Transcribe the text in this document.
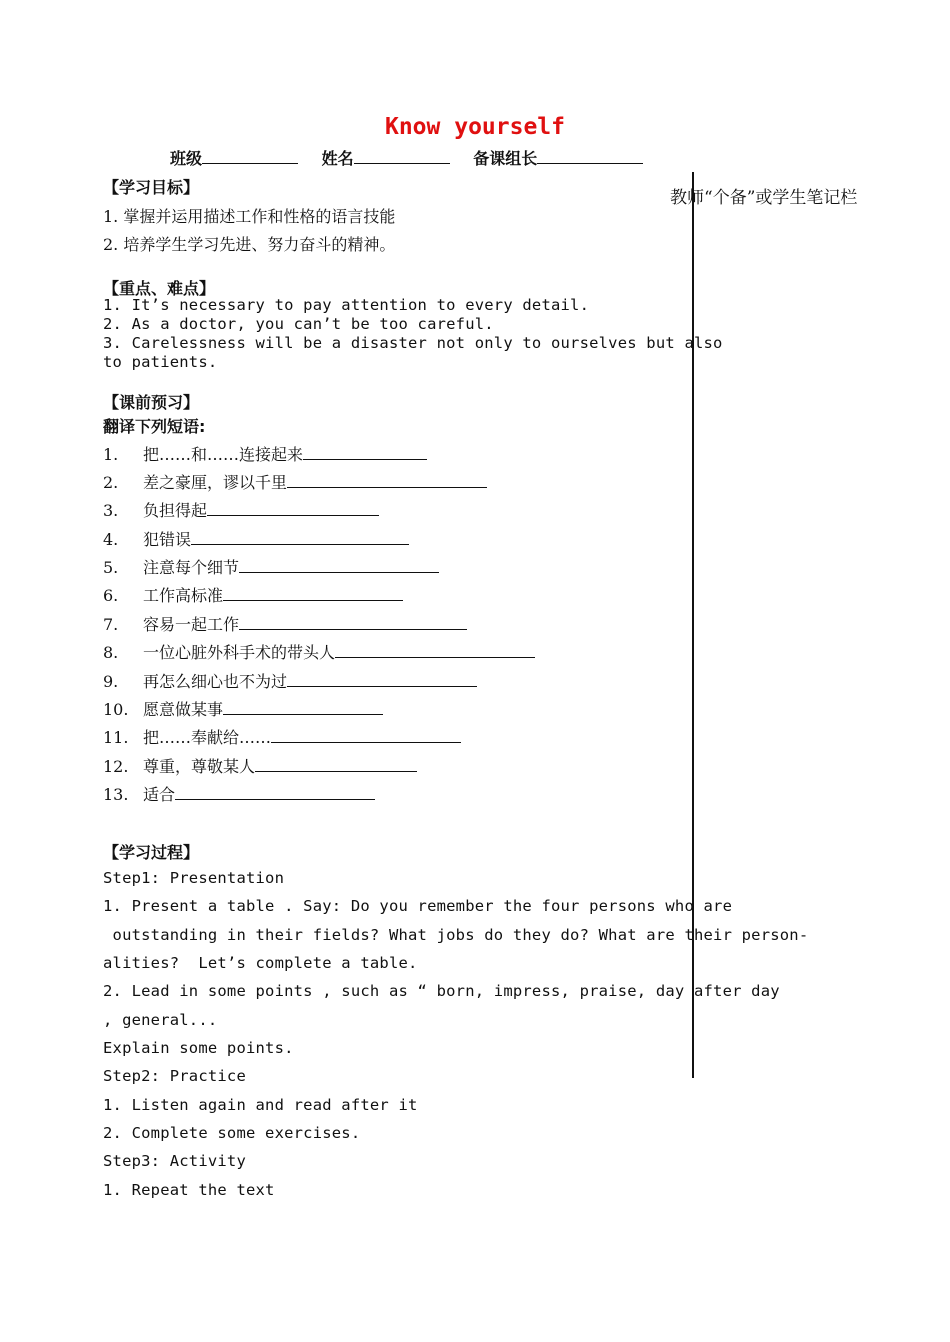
Know yourself
班级	姓名	备课组长
教师“个备”或学生笔记栏
【学习目标】
1. 掌握并运用描述工作和性格的语言技能
2. 培养学生学习先进、努力奋斗的精神。
【重点、难点】
1. It’s necessary to pay attention to every detail.
2. As a doctor, you can’t be too careful.
3. Carelessness will be a disaster not only to ourselves but also
to patients.
【课前预习】
翻译下列短语:
1. 把……和……连接起来
2. 差之豪厘，谬以千里
3. 负担得起
4. 犯错误
5. 注意每个细节
6. 工作高标准
7. 容易一起工作
8. 一位心脏外科手术的带头人
9. 再怎么细心也不为过
10. 愿意做某事
11. 把……奉献给……
12. 尊重，尊敬某人
13. 适合
【学习过程】
Step1: Presentation
1. Present a table . Say: Do you remember the four persons who are
outstanding in their fields? What jobs do they do? What are their person-
alities?  Let’s complete a table.
2. Lead in some points , such as “ born, impress, praise, day after day
, general...
Explain some points.
Step2: Practice
1. Listen again and read after it
2. Complete some exercises.
Step3: Activity
1. Repeat the text
